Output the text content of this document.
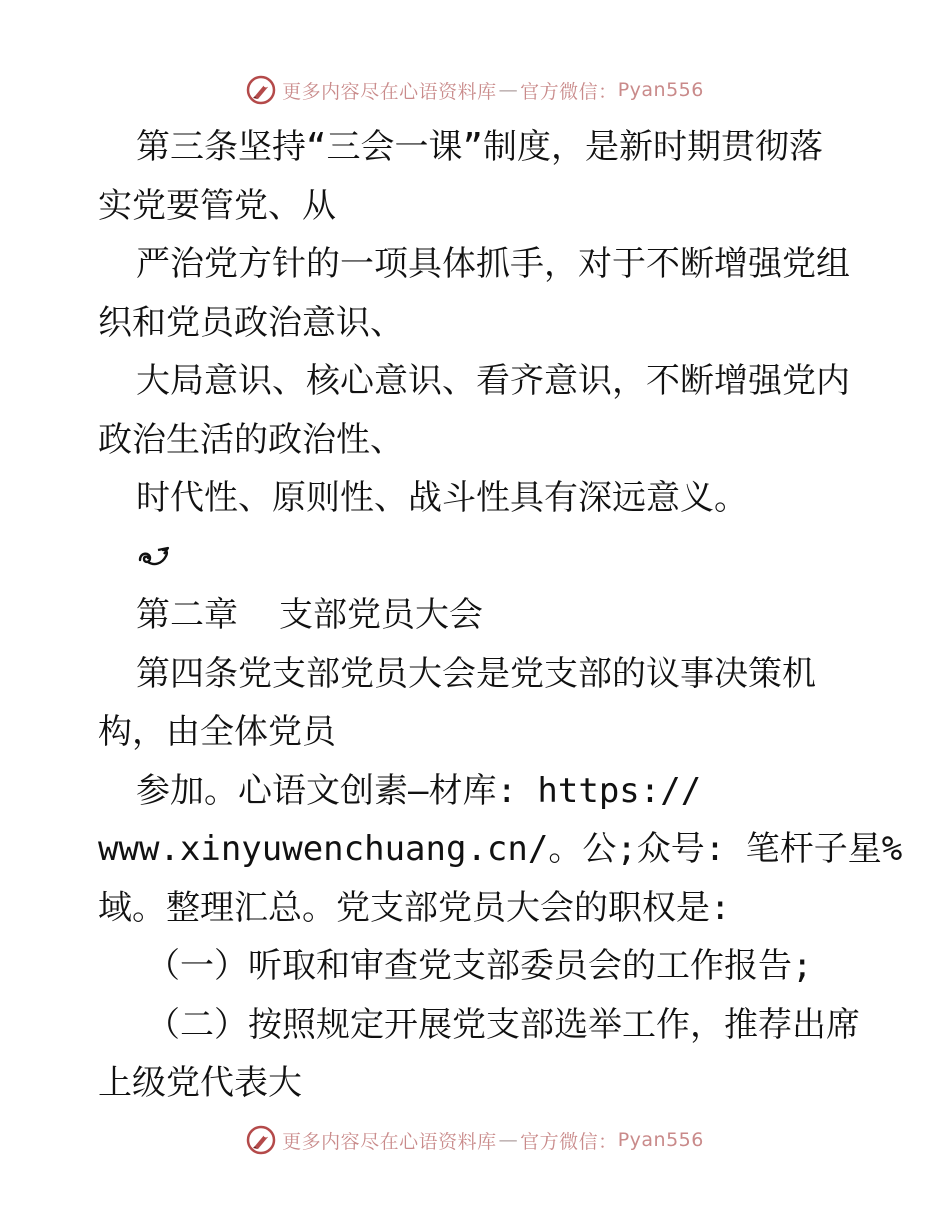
更多内容尽在心语资料库 — 官方微信： Pyan556
第三条坚持“三会一课”制度，是新时期贯彻落
实党要管党、从
严治党方针的一项具体抓手，对于不断增强党组
织和党员政治意识、
大局意识、核心意识、看齐意识，不断增强党内
政治生活的政治性、
时代性、原则性、战斗性具有深远意义。
第二章  支部党员大会
第四条党支部党员大会是党支部的议事决策机
构，由全体党员
参加。心语文创素—材库: https://
www.xinyuwenchuang.cn/。公;众号: 笔杆子星%
域。整理汇总。党支部党员大会的职权是:
（一）听取和审查党支部委员会的工作报告;
（二）按照规定开展党支部选举工作，推荐出席
上级党代表大
更多内容尽在心语资料库 — 官方微信： Pyan556
